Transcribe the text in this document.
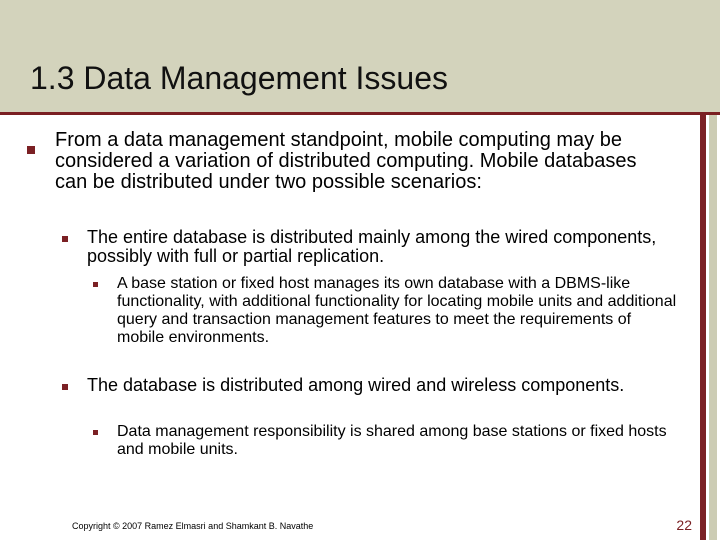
1.3 Data Management Issues

From a data management standpoint, mobile computing may be considered a variation of distributed computing. Mobile databases can be distributed under two possible scenarios:

The entire database is distributed mainly among the wired components, possibly with full or partial replication.

A base station or fixed host manages its own database with a DBMS-like functionality, with additional functionality for locating mobile units and additional query and transaction management features to meet the requirements of mobile environments.

The database is distributed among wired and wireless components.

Data management responsibility is shared among base stations or fixed hosts and mobile units.

Copyright © 2007 Ramez Elmasri and Shamkant B. Navathe	22
